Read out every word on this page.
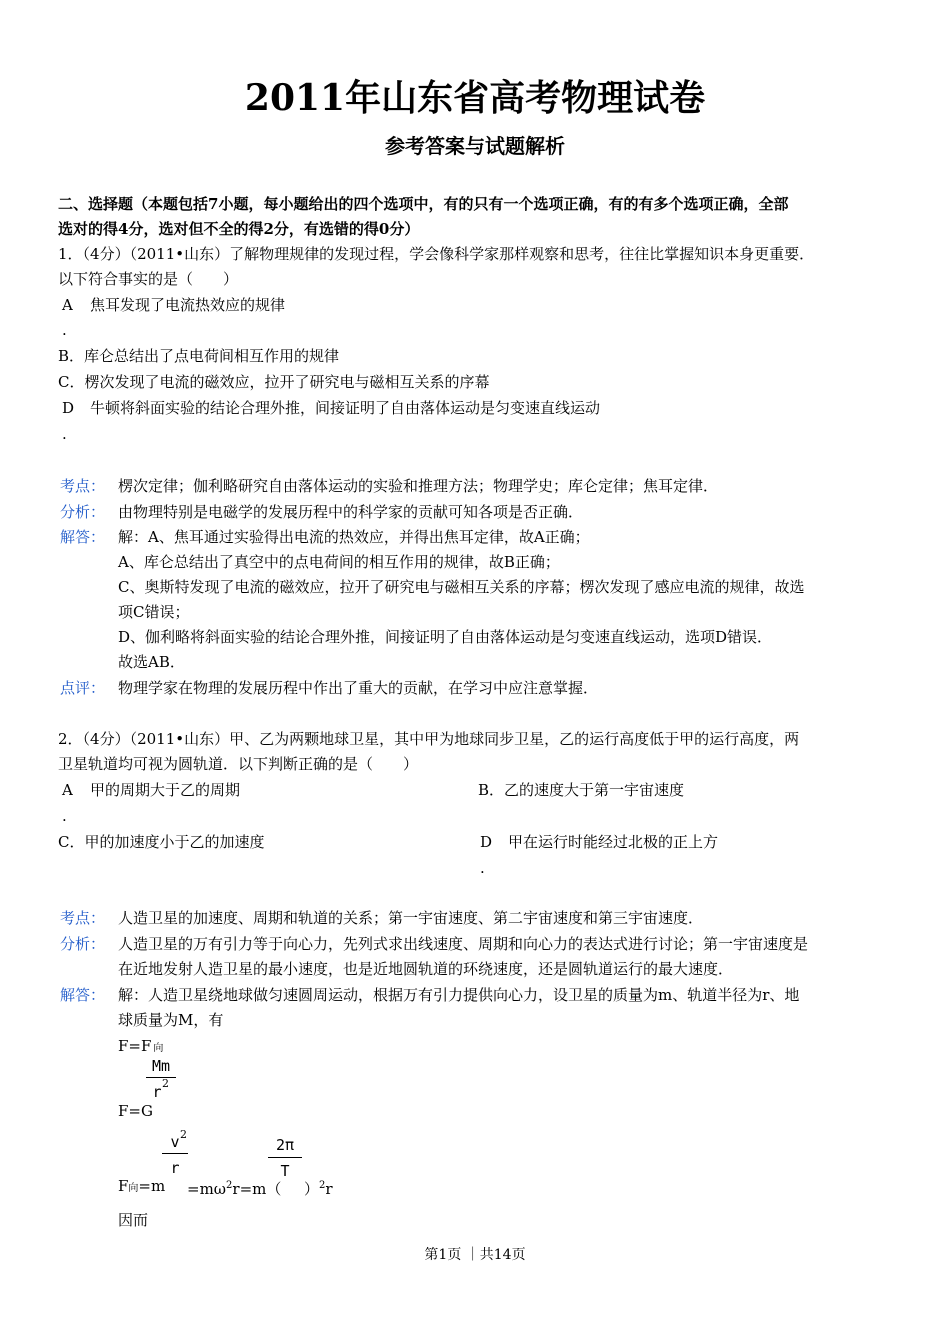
2011年山东省高考物理试卷
参考答案与试题解析
二、选择题（本题包括7小题，每小题给出的四个选项中，有的只有一个选项正确，有的有多个选项正确，全部
选对的得4分，选对但不全的得2分，有选错的得0分）
1．（4分）（2011•山东）了解物理规律的发现过程，学会像科学家那样观察和思考，往往比掌握知识本身更重要．
以下符合事实的是（　　）
A 焦耳发现了电流热效应的规律
.
B．库仑总结出了点电荷间相互作用的规律
C．楞次发现了电流的磁效应，拉开了研究电与磁相互关系的序幕
D 牛顿将斜面实验的结论合理外推，间接证明了自由落体运动是匀变速直线运动
.
考点： 楞次定律；伽利略研究自由落体运动的实验和推理方法；物理学史；库仑定律；焦耳定律．
分析： 由物理特别是电磁学的发展历程中的科学家的贡献可知各项是否正确．
解答： 解：A、焦耳通过实验得出电流的热效应，并得出焦耳定律，故A正确；
A、库仑总结出了真空中的点电荷间的相互作用的规律，故B正确；
C、奥斯特发现了电流的磁效应，拉开了研究电与磁相互关系的序幕；楞次发现了感应电流的规律，故选
项C错误；
D、伽利略将斜面实验的结论合理外推，间接证明了自由落体运动是匀变速直线运动，选项D错误．
故选AB．
点评： 物理学家在物理的发展历程中作出了重大的贡献，在学习中应注意掌握．
2．（4分）（2011•山东）甲、乙为两颗地球卫星，其中甲为地球同步卫星，乙的运行高度低于甲的运行高度，两
卫星轨道均可视为圆轨道．以下判断正确的是（　　）
A 甲的周期大于乙的周期
.
B．乙的速度大于第一宇宙速度
C．甲的加速度小于乙的加速度	D 甲在运行时能经过北极的正上方
.
考点： 人造卫星的加速度、周期和轨道的关系；第一宇宙速度、第二宇宙速度和第三宇宙速度．
分析： 人造卫星的万有引力等于向心力，先列式求出线速度、周期和向心力的表达式进行讨论；第一宇宙速度是
在近地发射人造卫星的最小速度，也是近地圆轨道的环绕速度，还是圆轨道运行的最大速度．
解答： 解：人造卫星绕地球做匀速圆周运动，根据万有引力提供向心力，设卫星的质量为m、轨道半径为r、地
球质量为M，有
F=F 向
Mm
r 2
F=G
v 2
r
2π
T
F向$=m =m\omega^2r=m$（ ）$^2$r
因而
第1页 ｜共14页
